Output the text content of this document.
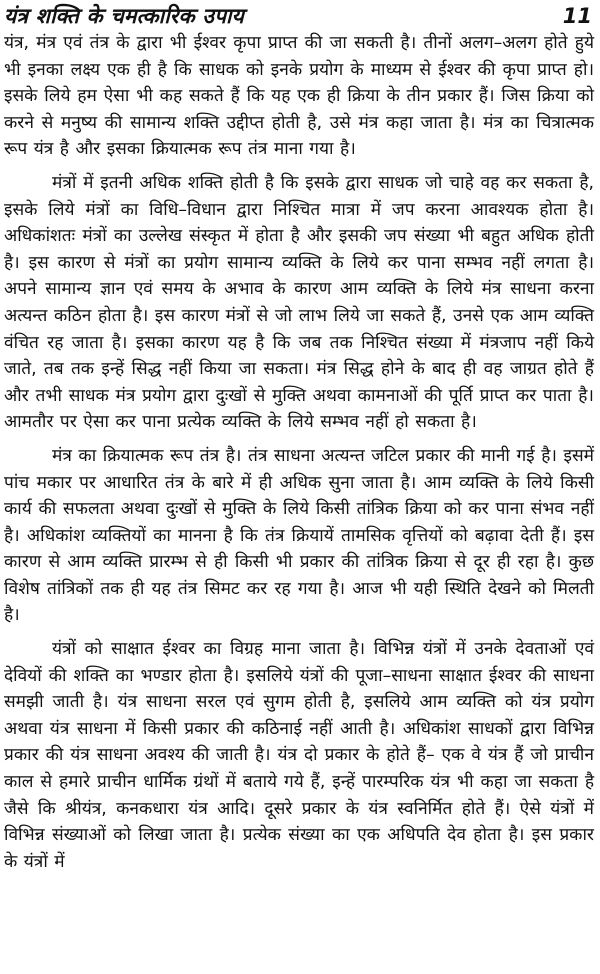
यंत्र शक्ति के चमत्कारिक उपाय	11

यंत्र, मंत्र एवं तंत्र के द्वारा भी ईश्वर कृपा प्राप्त की जा सकती है। तीनों अलग–अलग होते हुये भी इनका लक्ष्य एक ही है कि साधक को इनके प्रयोग के माध्यम से ईश्वर की कृपा प्राप्त हो। इसके लिये हम ऐसा भी कह सकते हैं कि यह एक ही क्रिया के तीन प्रकार हैं। जिस क्रिया को करने से मनुष्य की सामान्य शक्ति उद्दीप्त होती है, उसे मंत्र कहा जाता है। मंत्र का चित्रात्मक रूप यंत्र है और इसका क्रियात्मक रूप तंत्र माना गया है।

मंत्रों में इतनी अधिक शक्ति होती है कि इसके द्वारा साधक जो चाहे वह कर सकता है, इसके लिये मंत्रों का विधि–विधान द्वारा निश्चित मात्रा में जप करना आवश्यक होता है। अधिकांशतः मंत्रों का उल्लेख संस्कृत में होता है और इसकी जप संख्या भी बहुत अधिक होती है। इस कारण से मंत्रों का प्रयोग सामान्य व्यक्ति के लिये कर पाना सम्भव नहीं लगता है। अपने सामान्य ज्ञान एवं समय के अभाव के कारण आम व्यक्ति के लिये मंत्र साधना करना अत्यन्त कठिन होता है। इस कारण मंत्रों से जो लाभ लिये जा सकते हैं, उनसे एक आम व्यक्ति वंचित रह जाता है। इसका कारण यह है कि जब तक निश्चित संख्या में मंत्रजाप नहीं किये जाते, तब तक इन्हें सिद्ध नहीं किया जा सकता। मंत्र सिद्ध होने के बाद ही वह जाग्रत होते हैं और तभी साधक मंत्र प्रयोग द्वारा दुःखों से मुक्ति अथवा कामनाओं की पूर्ति प्राप्त कर पाता है। आमतौर पर ऐसा कर पाना प्रत्येक व्यक्ति के लिये सम्भव नहीं हो सकता है।

मंत्र का क्रियात्मक रूप तंत्र है। तंत्र साधना अत्यन्त जटिल प्रकार की मानी गई है। इसमें पांच मकार पर आधारित तंत्र के बारे में ही अधिक सुना जाता है। आम व्यक्ति के लिये किसी कार्य की सफलता अथवा दुःखों से मुक्ति के लिये किसी तांत्रिक क्रिया को कर पाना संभव नहीं है। अधिकांश व्यक्तियों का मानना है कि तंत्र क्रियायें तामसिक वृत्तियों को बढ़ावा देती हैं। इस कारण से आम व्यक्ति प्रारम्भ से ही किसी भी प्रकार की तांत्रिक क्रिया से दूर ही रहा है। कुछ विशेष तांत्रिकों तक ही यह तंत्र सिमट कर रह गया है। आज भी यही स्थिति देखने को मिलती है।

यंत्रों को साक्षात ईश्वर का विग्रह माना जाता है। विभिन्न यंत्रों में उनके देवताओं एवं देवियों की शक्ति का भण्डार होता है। इसलिये यंत्रों की पूजा–साधना साक्षात ईश्वर की साधना समझी जाती है। यंत्र साधना सरल एवं सुगम होती है, इसलिये आम व्यक्ति को यंत्र प्रयोग अथवा यंत्र साधना में किसी प्रकार की कठिनाई नहीं आती है। अधिकांश साधकों द्वारा विभिन्न प्रकार की यंत्र साधना अवश्य की जाती है। यंत्र दो प्रकार के होते हैं– एक वे यंत्र हैं जो प्राचीन काल से हमारे प्राचीन धार्मिक ग्रंथों में बताये गये हैं, इन्हें पारम्परिक यंत्र भी कहा जा सकता है जैसे कि श्रीयंत्र, कनकधारा यंत्र आदि। दूसरे प्रकार के यंत्र स्वनिर्मित होते हैं। ऐसे यंत्रों में विभिन्न संख्याओं को लिखा जाता है। प्रत्येक संख्या का एक अधिपति देव होता है। इस प्रकार के यंत्रों में
